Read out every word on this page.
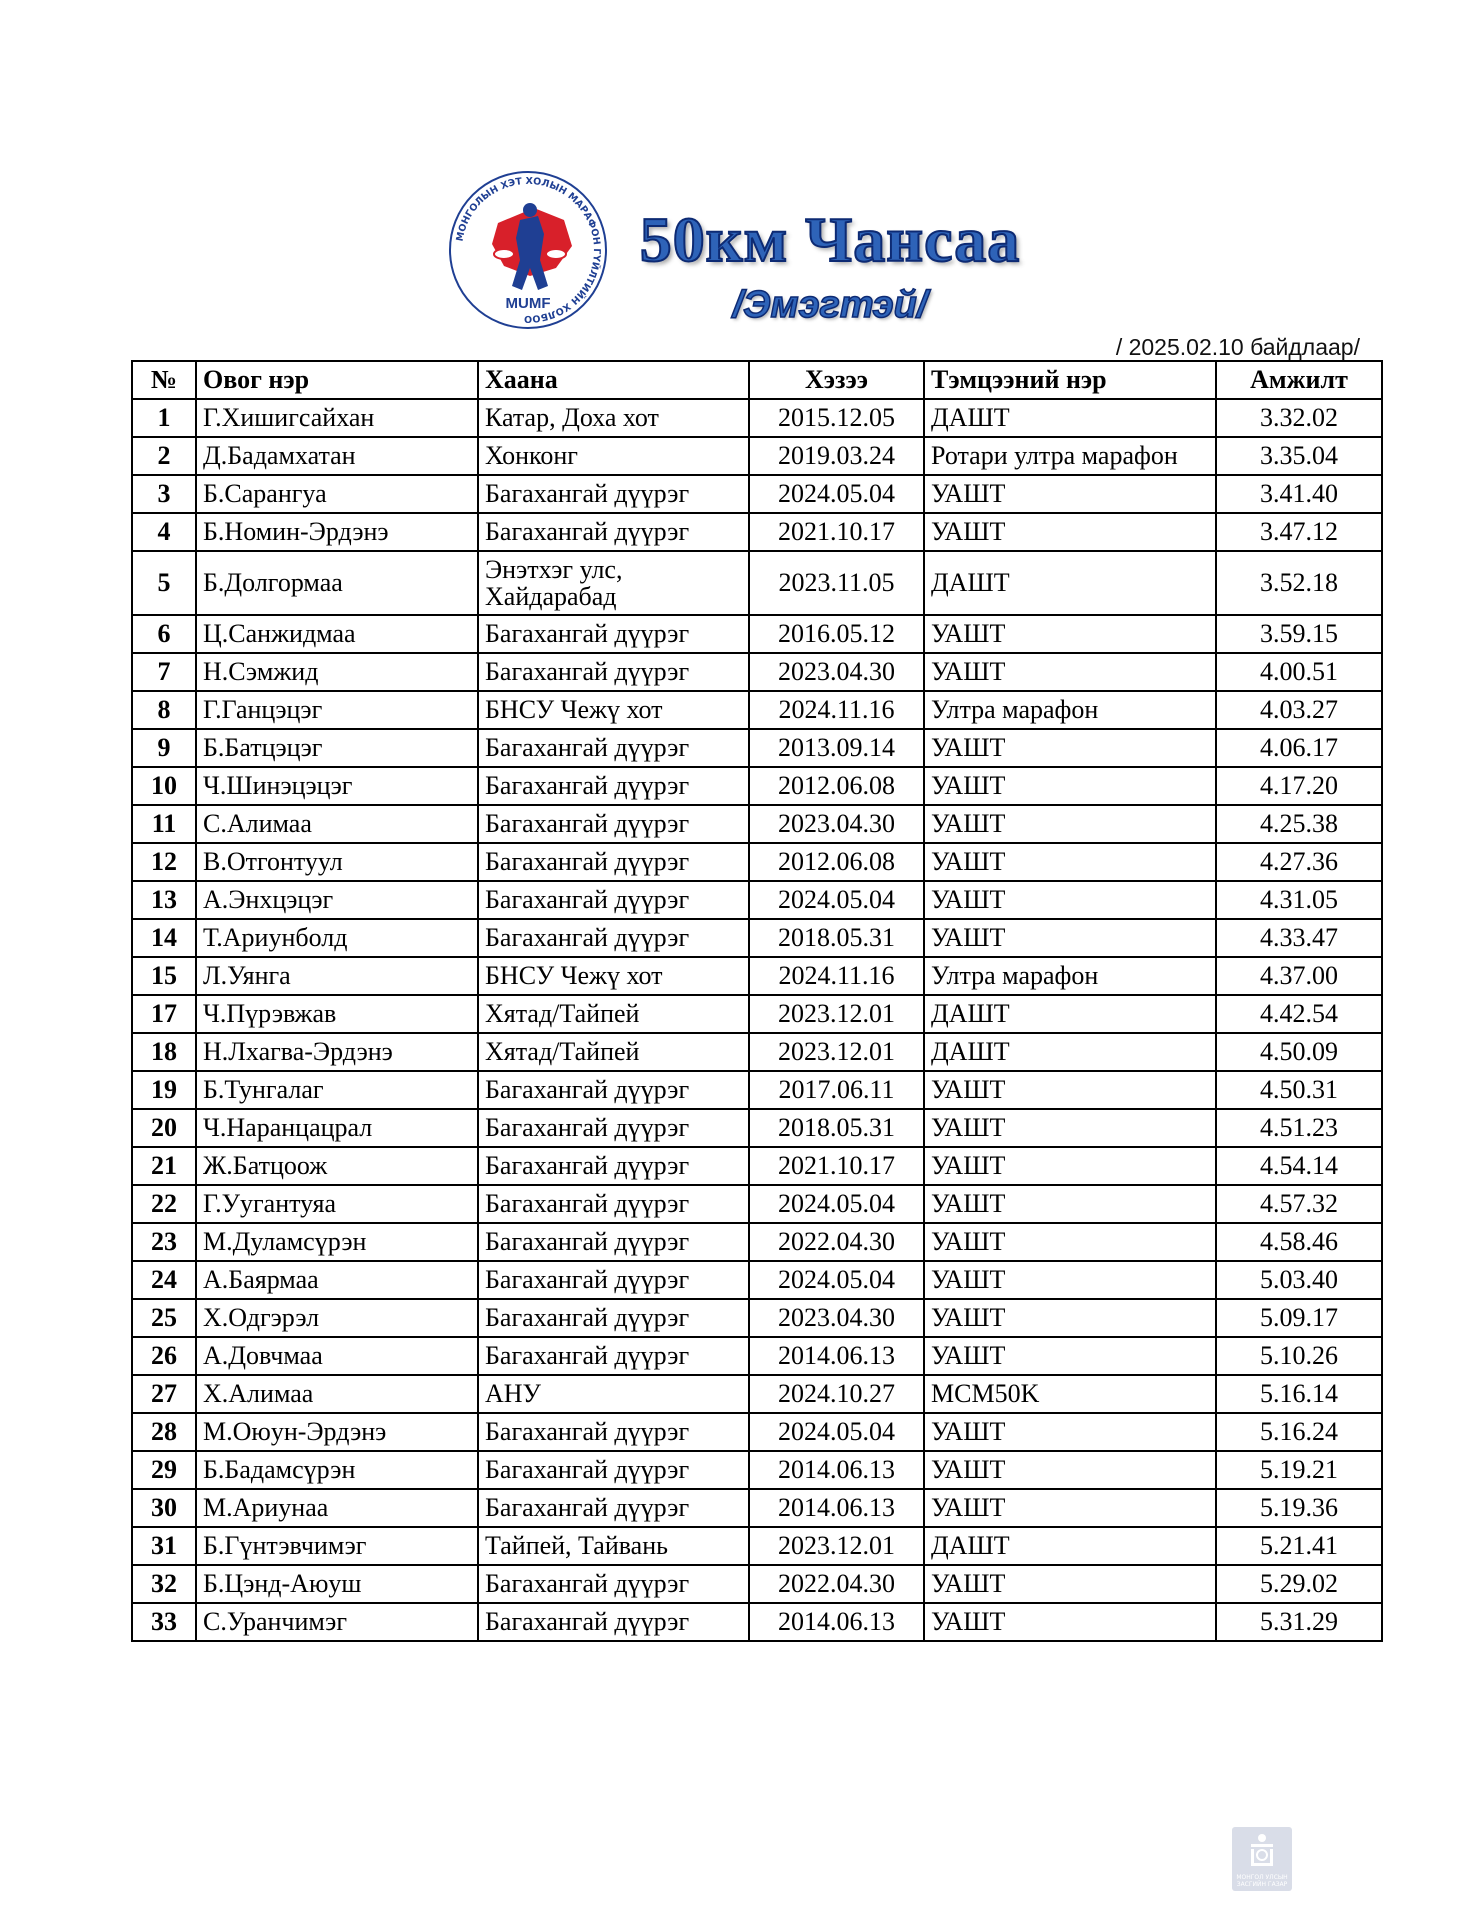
МОНГОЛЫН ХЭТ ХОЛЫН МАРАФОН ГҮЙЛТИЙН ХОЛБОО
MUMF
50км Чансаа
/Эмэгтэй/
/ 2025.02.10 байдлаар/
№	Овог нэр	Хаана	Хэзээ	Тэмцээний нэр	Амжилт
1	Г.Хишигсайхан	Катар, Доха хот	2015.12.05	ДАШТ	3.32.02
2	Д.Бадамхатан	Хонконг	2019.03.24	Ротари ултра марафон	3.35.04
3	Б.Сарангуа	Багахангай дүүрэг	2024.05.04	УАШТ	3.41.40
4	Б.Номин-Эрдэнэ	Багахангай дүүрэг	2021.10.17	УАШТ	3.47.12
5	Б.Долгормаа	Энэтхэг улс, Хайдарабад	2023.11.05	ДАШТ	3.52.18
6	Ц.Санжидмаа	Багахангай дүүрэг	2016.05.12	УАШТ	3.59.15
7	Н.Сэмжид	Багахангай дүүрэг	2023.04.30	УАШТ	4.00.51
8	Г.Ганцэцэг	БНСУ Чежү хот	2024.11.16	Ултра марафон	4.03.27
9	Б.Батцэцэг	Багахангай дүүрэг	2013.09.14	УАШТ	4.06.17
10	Ч.Шинэцэцэг	Багахангай дүүрэг	2012.06.08	УАШТ	4.17.20
11	С.Алимаа	Багахангай дүүрэг	2023.04.30	УАШТ	4.25.38
12	В.Отгонтуул	Багахангай дүүрэг	2012.06.08	УАШТ	4.27.36
13	А.Энхцэцэг	Багахангай дүүрэг	2024.05.04	УАШТ	4.31.05
14	Т.Ариунболд	Багахангай дүүрэг	2018.05.31	УАШТ	4.33.47
15	Л.Уянга	БНСУ Чежү хот	2024.11.16	Ултра марафон	4.37.00
17	Ч.Пүрэвжав	Хятад/Тайпей	2023.12.01	ДАШТ	4.42.54
18	Н.Лхагва-Эрдэнэ	Хятад/Тайпей	2023.12.01	ДАШТ	4.50.09
19	Б.Тунгалаг	Багахангай дүүрэг	2017.06.11	УАШТ	4.50.31
20	Ч.Наранцацрал	Багахангай дүүрэг	2018.05.31	УАШТ	4.51.23
21	Ж.Батцоож	Багахангай дүүрэг	2021.10.17	УАШТ	4.54.14
22	Г.Уугантуяа	Багахангай дүүрэг	2024.05.04	УАШТ	4.57.32
23	М.Дуламсүрэн	Багахангай дүүрэг	2022.04.30	УАШТ	4.58.46
24	А.Баярмаа	Багахангай дүүрэг	2024.05.04	УАШТ	5.03.40
25	Х.Одгэрэл	Багахангай дүүрэг	2023.04.30	УАШТ	5.09.17
26	А.Довчмаа	Багахангай дүүрэг	2014.06.13	УАШТ	5.10.26
27	Х.Алимаа	АНУ	2024.10.27	MCM50K	5.16.14
28	М.Оюун-Эрдэнэ	Багахангай дүүрэг	2024.05.04	УАШТ	5.16.24
29	Б.Бадамсүрэн	Багахангай дүүрэг	2014.06.13	УАШТ	5.19.21
30	М.Ариунаа	Багахангай дүүрэг	2014.06.13	УАШТ	5.19.36
31	Б.Гүнтэвчимэг	Тайпей, Тайвань	2023.12.01	ДАШТ	5.21.41
32	Б.Цэнд-Аюуш	Багахангай дүүрэг	2022.04.30	УАШТ	5.29.02
33	С.Уранчимэг	Багахангай дүүрэг	2014.06.13	УАШТ	5.31.29
МОНГОЛ УЛСЫН ЗАСГИЙН ГАЗАР
